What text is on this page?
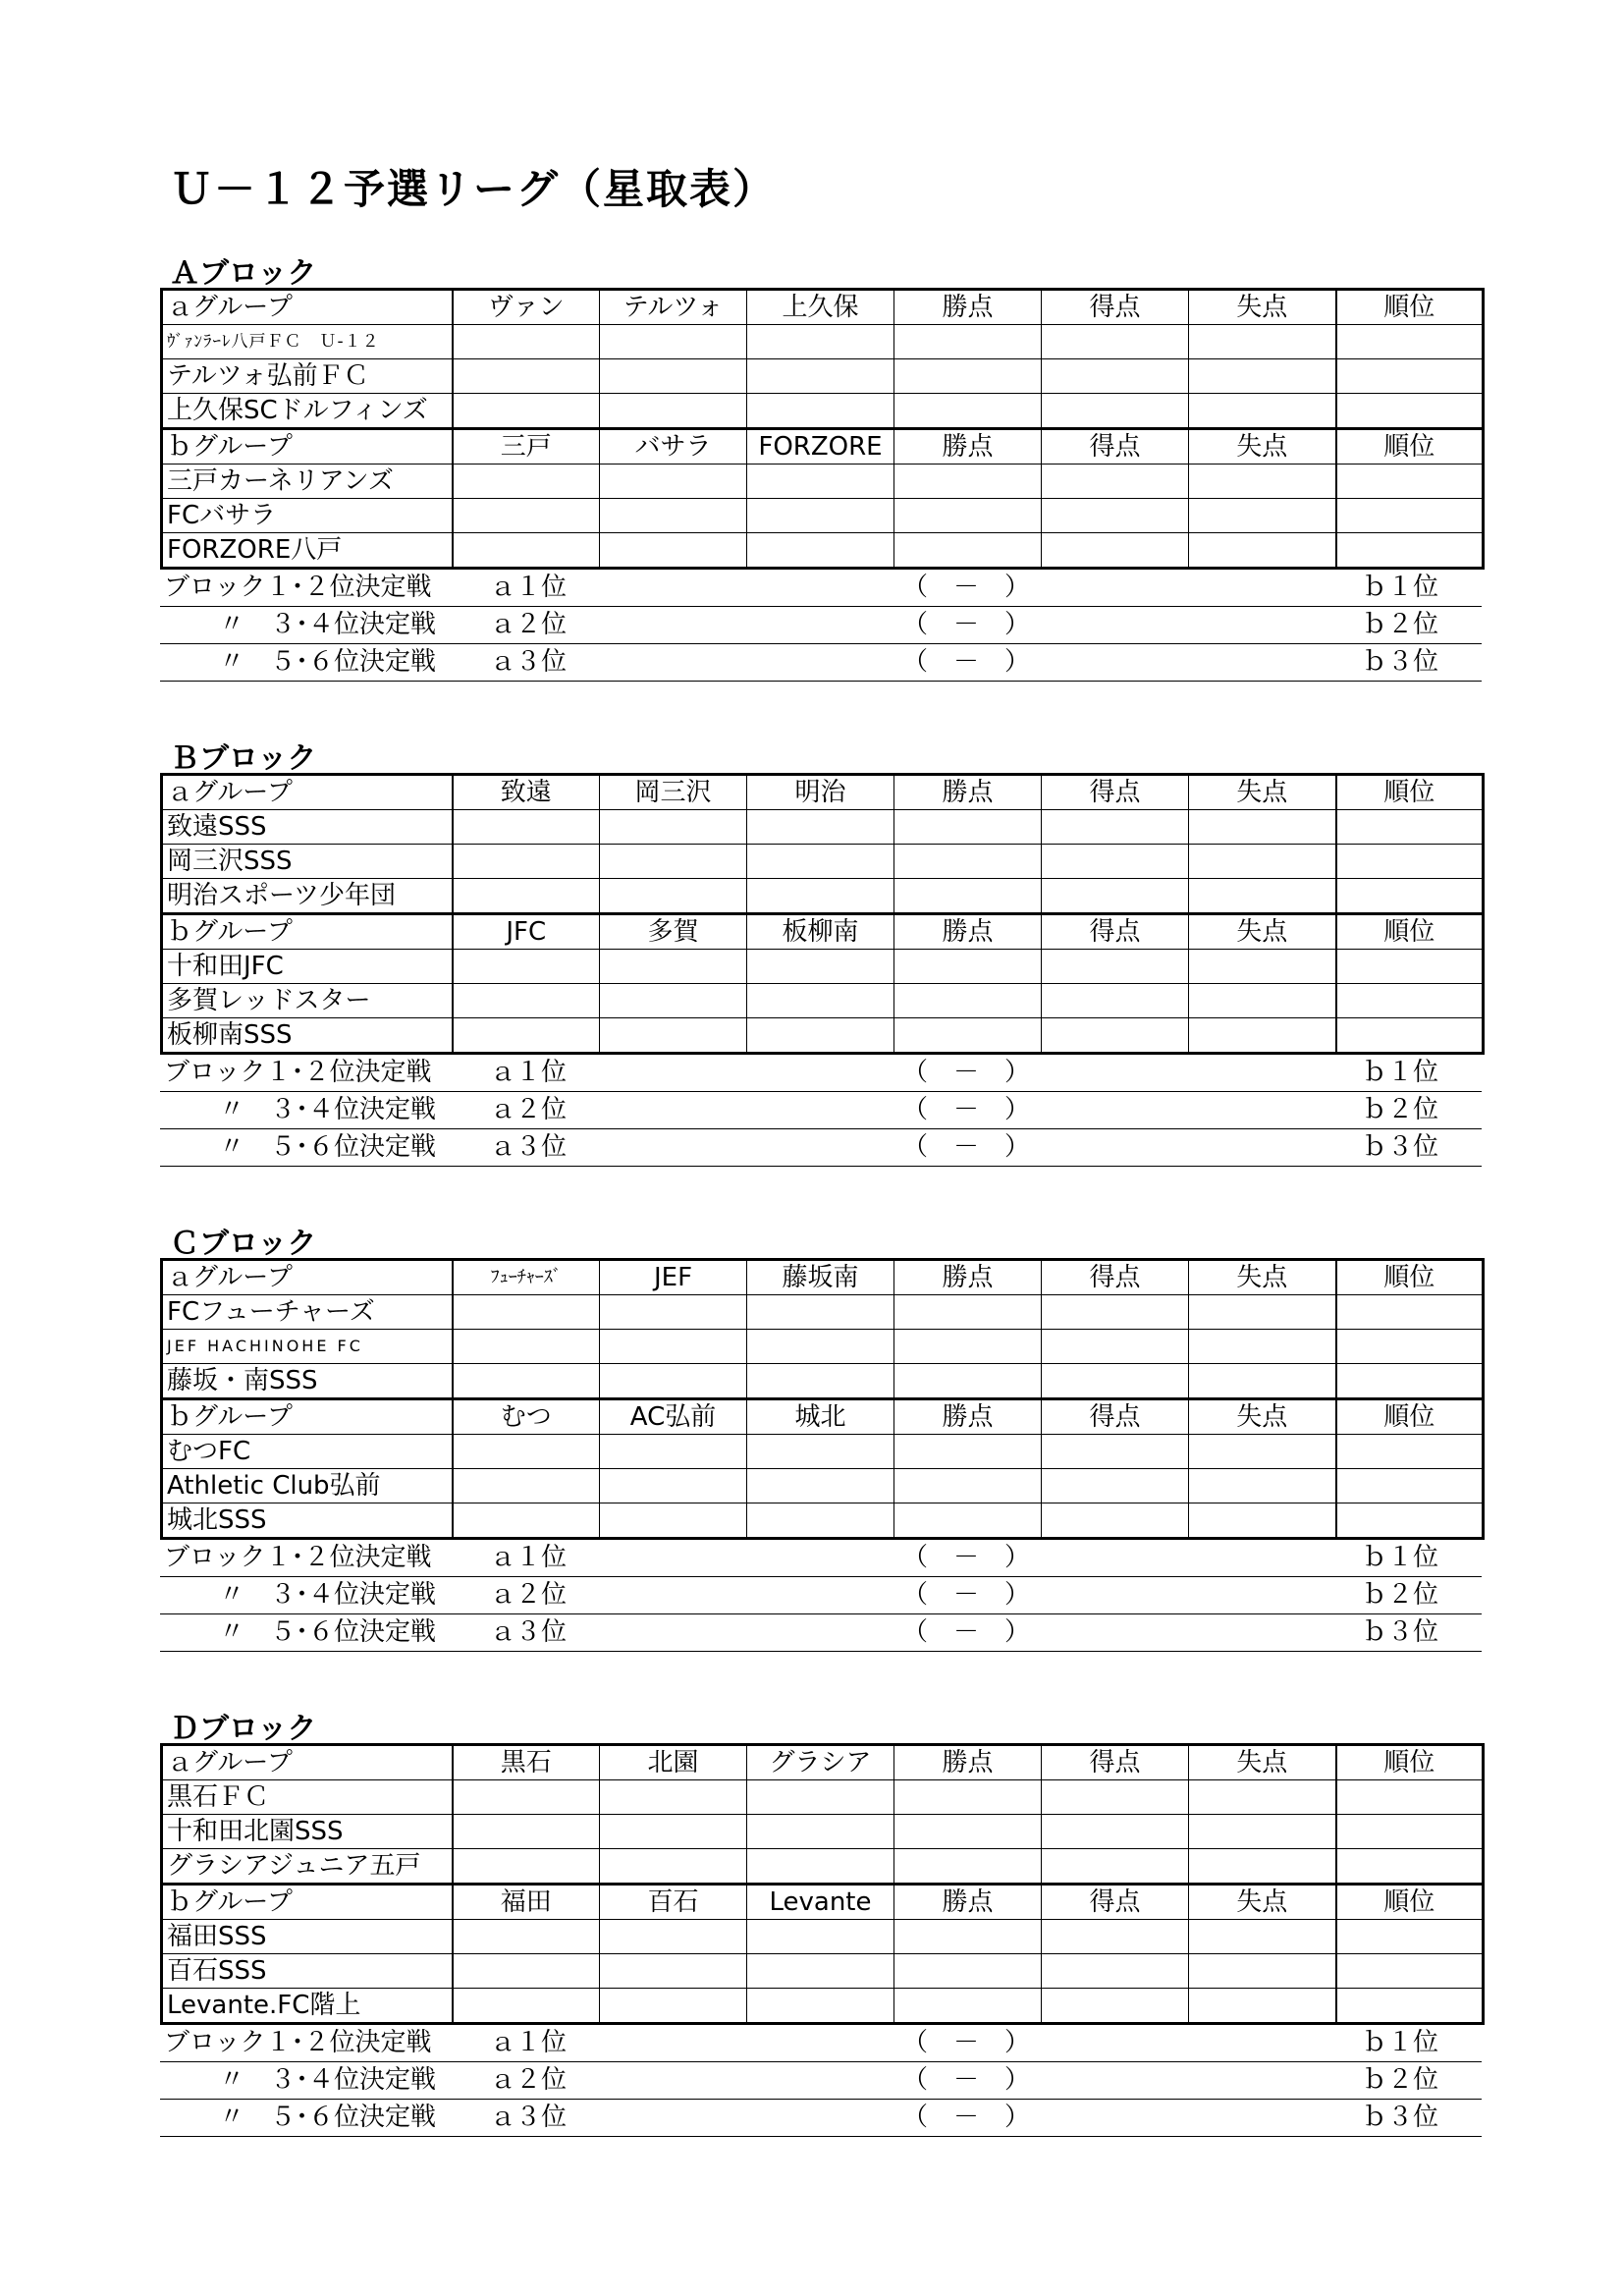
Ｕ－１２予選リーグ（星取表）
Ａブロック
ａグループ	ヴァン	テルツォ	上久保	勝点	得点	失点	順位
ｳﾞｧﾝﾗｰﾚ八戸ＦＣ　Ｕ-１２							
テルツォ弘前ＦＣ							
上久保SCドルフィンズ							
ｂグループ	三戸	バサラ	FORZORE	勝点	得点	失点	順位
三戸カーネリアンズ							
FCバサラ							
FORZORE八戸							
ブロック１･２位決定戦 ａ１位	（　－　）	ｂ１位
〃　３･４位決定戦 ａ２位	（　－　）	ｂ２位
〃　５･６位決定戦 ａ３位	（　－　）	ｂ３位
Ｂブロック
ａグループ	致遠	岡三沢	明治	勝点	得点	失点	順位
致遠SSS							
岡三沢SSS							
明治スポーツ少年団							
ｂグループ	JFC	多賀	板柳南	勝点	得点	失点	順位
十和田JFC							
多賀レッドスター							
板柳南SSS							
ブロック１･２位決定戦 ａ１位	（　－　）	ｂ１位
〃　３･４位決定戦 ａ２位	（　－　）	ｂ２位
〃　５･６位決定戦 ａ３位	（　－　）	ｂ３位
Ｃブロック
ａグループ	ﾌｭｰﾁｬｰｽﾞ	JEF	藤坂南	勝点	得点	失点	順位
FCフューチャーズ							
JEF HACHINOHE FC							
藤坂・南SSS							
ｂグループ	むつ	AC弘前	城北	勝点	得点	失点	順位
むつFC							
Athletic Club弘前							
城北SSS							
ブロック１･２位決定戦 ａ１位	（　－　）	ｂ１位
〃　３･４位決定戦 ａ２位	（　－　）	ｂ２位
〃　５･６位決定戦 ａ３位	（　－　）	ｂ３位
Ｄブロック
ａグループ	黒石	北園	グラシア	勝点	得点	失点	順位
黒石ＦＣ							
十和田北園SSS							
グラシアジュニア五戸							
ｂグループ	福田	百石	Levante	勝点	得点	失点	順位
福田SSS							
百石SSS							
Levante.FC階上							
ブロック１･２位決定戦 ａ１位	（　－　）	ｂ１位
〃　３･４位決定戦 ａ２位	（　－　）	ｂ２位
〃　５･６位決定戦 ａ３位	（　－　）	ｂ３位
